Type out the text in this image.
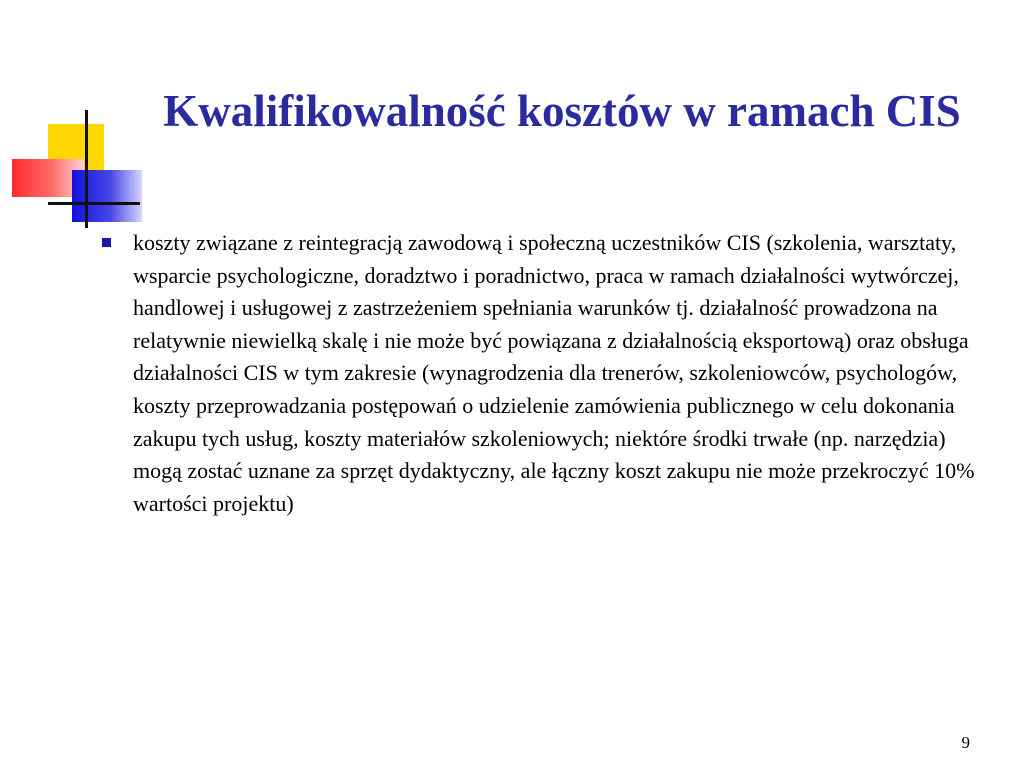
Kwalifikowalność kosztów w ramach CIS
koszty związane z reintegracją zawodową i społeczną uczestników CIS (szkolenia, warsztaty, wsparcie psychologiczne, doradztwo i poradnictwo, praca w ramach działalności wytwórczej, handlowej i usługowej z zastrzeżeniem spełniania warunków tj. działalność prowadzona na relatywnie niewielką skalę i nie może być powiązana z działalnością eksportową) oraz obsługa działalności CIS w tym zakresie (wynagrodzenia dla trenerów, szkoleniowców, psychologów, koszty przeprowadzania postępowań o udzielenie zamówienia publicznego w celu dokonania zakupu tych usług, koszty materiałów szkoleniowych; niektóre środki trwałe (np. narzędzia) mogą zostać uznane za sprzęt dydaktyczny, ale łączny koszt zakupu nie może przekroczyć 10% wartości projektu)
9
